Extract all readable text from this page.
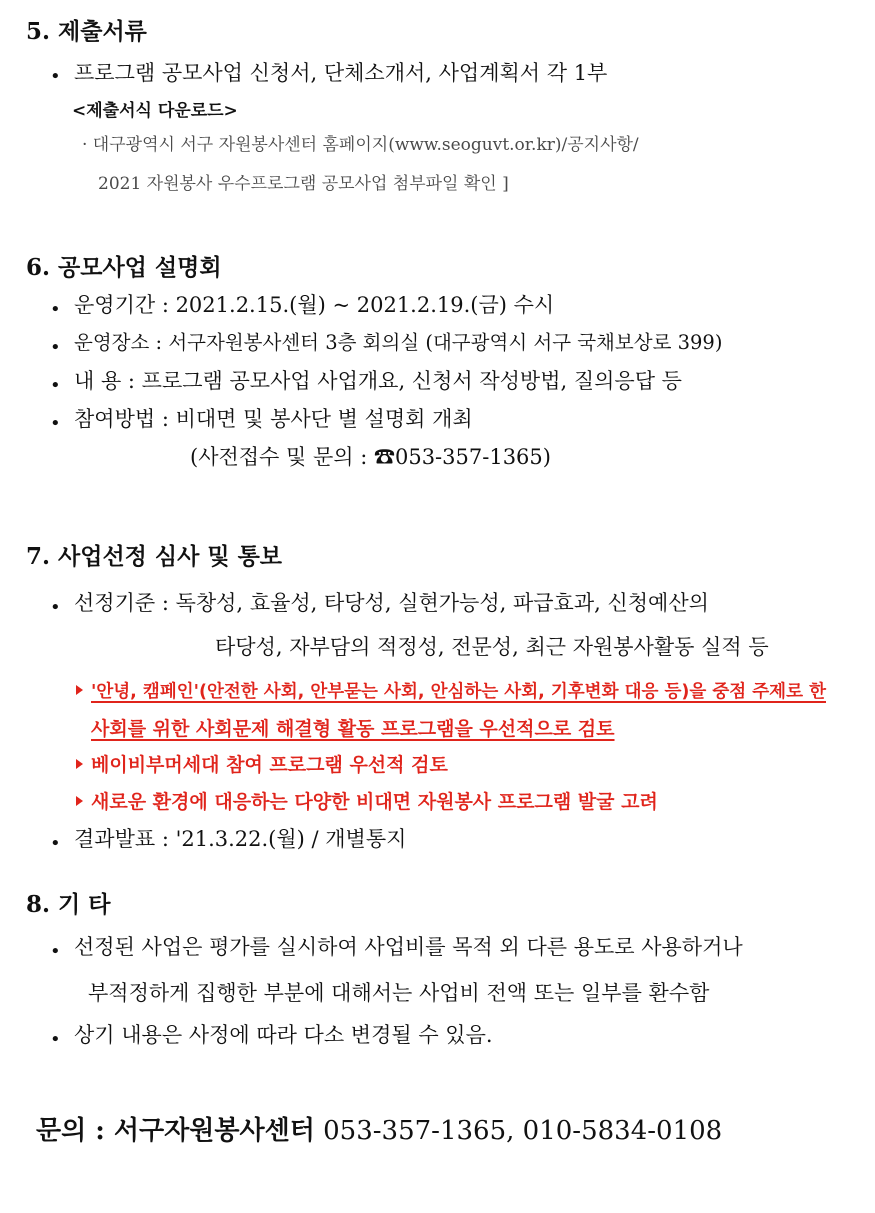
5. 제출서류
• 프로그램 공모사업 신청서, 단체소개서, 사업계획서 각 1부
<제출서식 다운로드>
· 대구광역시 서구 자원봉사센터 홈페이지(www.seoguvt.or.kr)/공지사항/
2021 자원봉사 우수프로그램 공모사업 첨부파일 확인 ]
6. 공모사업 설명회
• 운영기간 : 2021.2.15.(월) ~ 2021.2.19.(금) 수시
• 운영장소 : 서구자원봉사센터 3층 회의실 (대구광역시 서구 국채보상로 399)
• 내 용 : 프로그램 공모사업 사업개요, 신청서 작성방법, 질의응답 등
• 참여방법 : 비대면 및 봉사단 별 설명회 개최
(사전접수 및 문의 : ☎053-357-1365)
7. 사업선정 심사 및 통보
• 선정기준 : 독창성, 효율성, 타당성, 실현가능성, 파급효과, 신청예산의
타당성, 자부담의 적정성, 전문성, 최근 자원봉사활동 실적 등
'안녕, 캠페인'(안전한 사회, 안부묻는 사회, 안심하는 사회, 기후변화 대응 등)을 중점 주제로 한
사회를 위한 사회문제 해결형 활동 프로그램을 우선적으로 검토
베이비부머세대 참여 프로그램 우선적 검토
새로운 환경에 대응하는 다양한 비대면 자원봉사 프로그램 발굴 고려
• 결과발표 : '21.3.22.(월) / 개별통지
8. 기 타
• 선정된 사업은 평가를 실시하여 사업비를 목적 외 다른 용도로 사용하거나
부적정하게 집행한 부분에 대해서는 사업비 전액 또는 일부를 환수함
• 상기 내용은 사정에 따라 다소 변경될 수 있음.
문의 : 서구자원봉사센터 053-357-1365, 010-5834-0108
